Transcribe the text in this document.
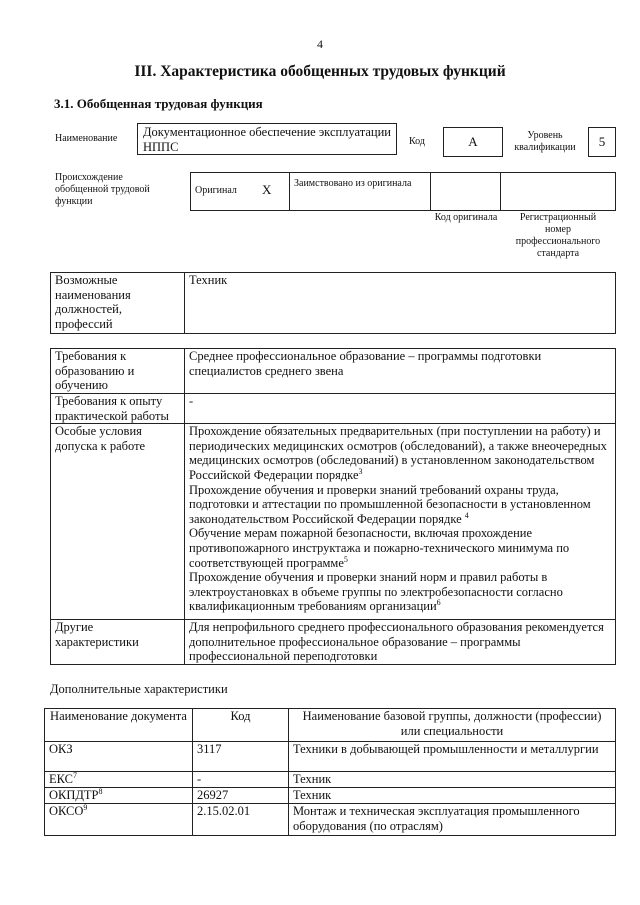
4
III. Характеристика обобщенных трудовых функций
3.1. Обобщенная трудовая функция
Наименование	Документационное обеспечение эксплуатации НППС	Код	А	Уровень квалификации	5
Происхождение обобщенной трудовой функции
Оригинал Х Заимствовано из оригинала
Код оригинала	Регистрационный номер профессионального стандарта
Возможные наименования должностей, профессий	Техник
Требования к образованию и обучению	Среднее профессиональное образование – программы подготовки специалистов среднего звена
Требования к опыту практической работы	-
Особые условия допуска к работе	Прохождение обязательных предварительных (при поступлении на работу) и периодических медицинских осмотров (обследований), а также внеочередных медицинских осмотров (обследований) в установленном законодательством Российской Федерации порядке$^3$
Прохождение обучения и проверки знаний требований охраны труда, подготовки и аттестации по промышленной безопасности в установленном законодательством Российской Федерации порядке $^4$
Обучение мерам пожарной безопасности, включая прохождение противопожарного инструктажа и пожарно-технического минимума по соответствующей программе$^5$
Прохождение обучения и проверки знаний норм и правил работы в электроустановках в объеме группы по электробезопасности согласно квалификационным требованиям организации$^6$

Другие характеристики	Для непрофильного среднего профессионального образования рекомендуется дополнительное профессиональное образование – программы профессиональной переподготовки
Дополнительные характеристики
Наименование документа	Код	Наименование базовой группы, должности (профессии) или специальности
ОКЗ	3117	Техники в добывающей промышленности и металлургии
ЕКС$^7$	-	Техник
ОКПДТР$^8$	26927	Техник
ОКСО$^9$	2.15.02.01	Монтаж и техническая эксплуатация промышленного оборудования (по отраслям)
